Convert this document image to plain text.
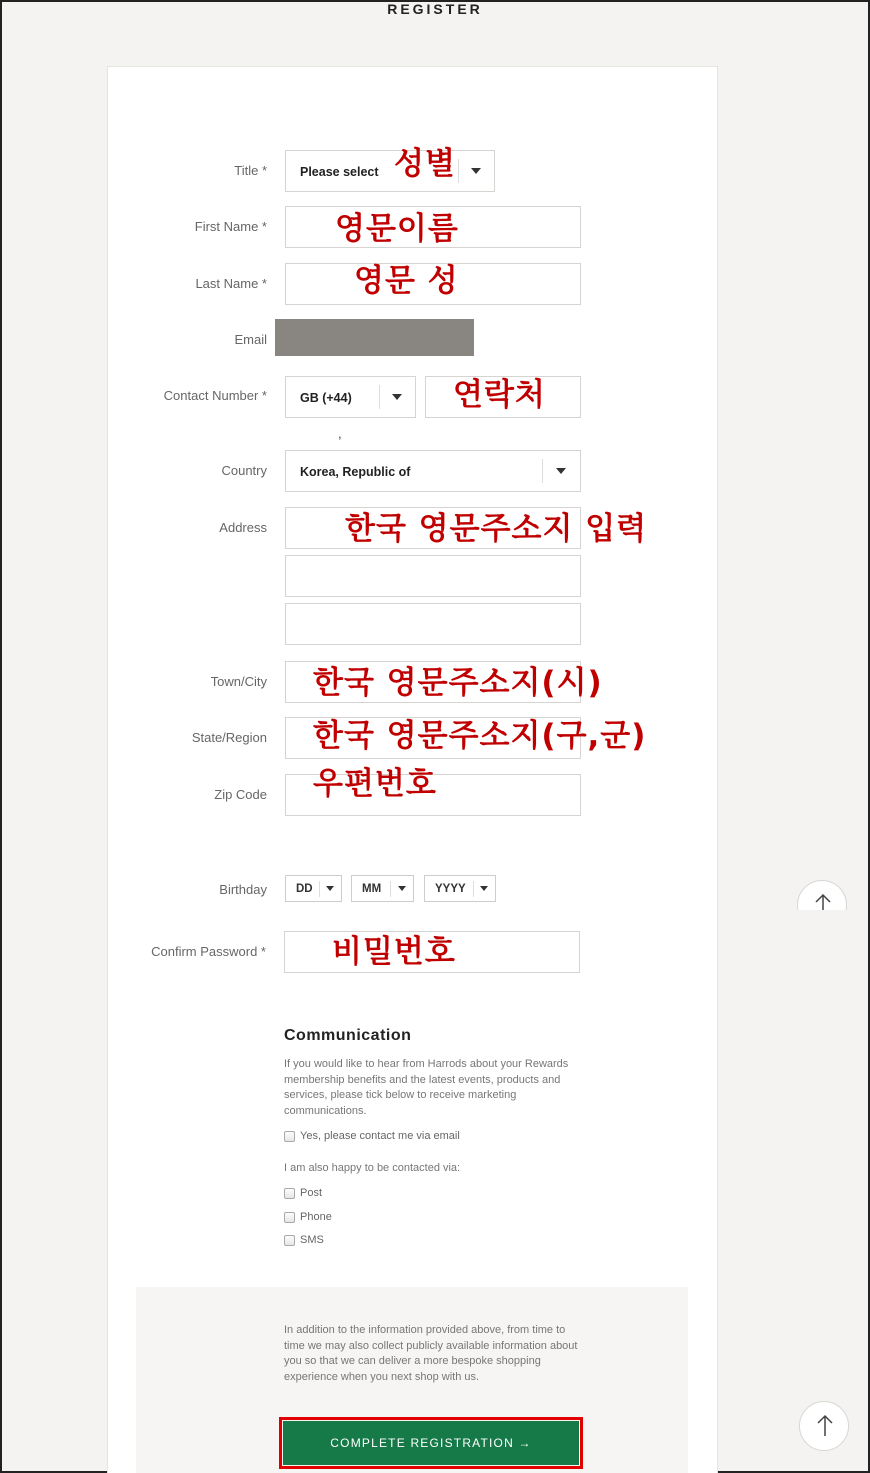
REGISTER
Title *	Please select 성별
First Name * 영문이름
Last Name *	영문 성
Email
Contact Number *	GB (+44)	연락처
,
Country	Korea, Republic of
Address	한국 영문주소지 입력
Town/City 한국 영문주소지(시)
State/Region 한국 영문주소지(구,군)
Zip Code 우편번호
Birthday	DD	MM	YYYY
Confirm Password * 비밀번호
Communication
If you would like to hear from Harrods about your Rewards membership benefits and the latest events, products and services, please tick below to receive marketing communications.
Yes, please contact me via email
I am also happy to be contacted via:
Post
Phone
SMS
In addition to the information provided above, from time to time we may also collect publicly available information about you so that we can deliver a more bespoke shopping experience when you next shop with us.
COMPLETE REGISTRATION →
